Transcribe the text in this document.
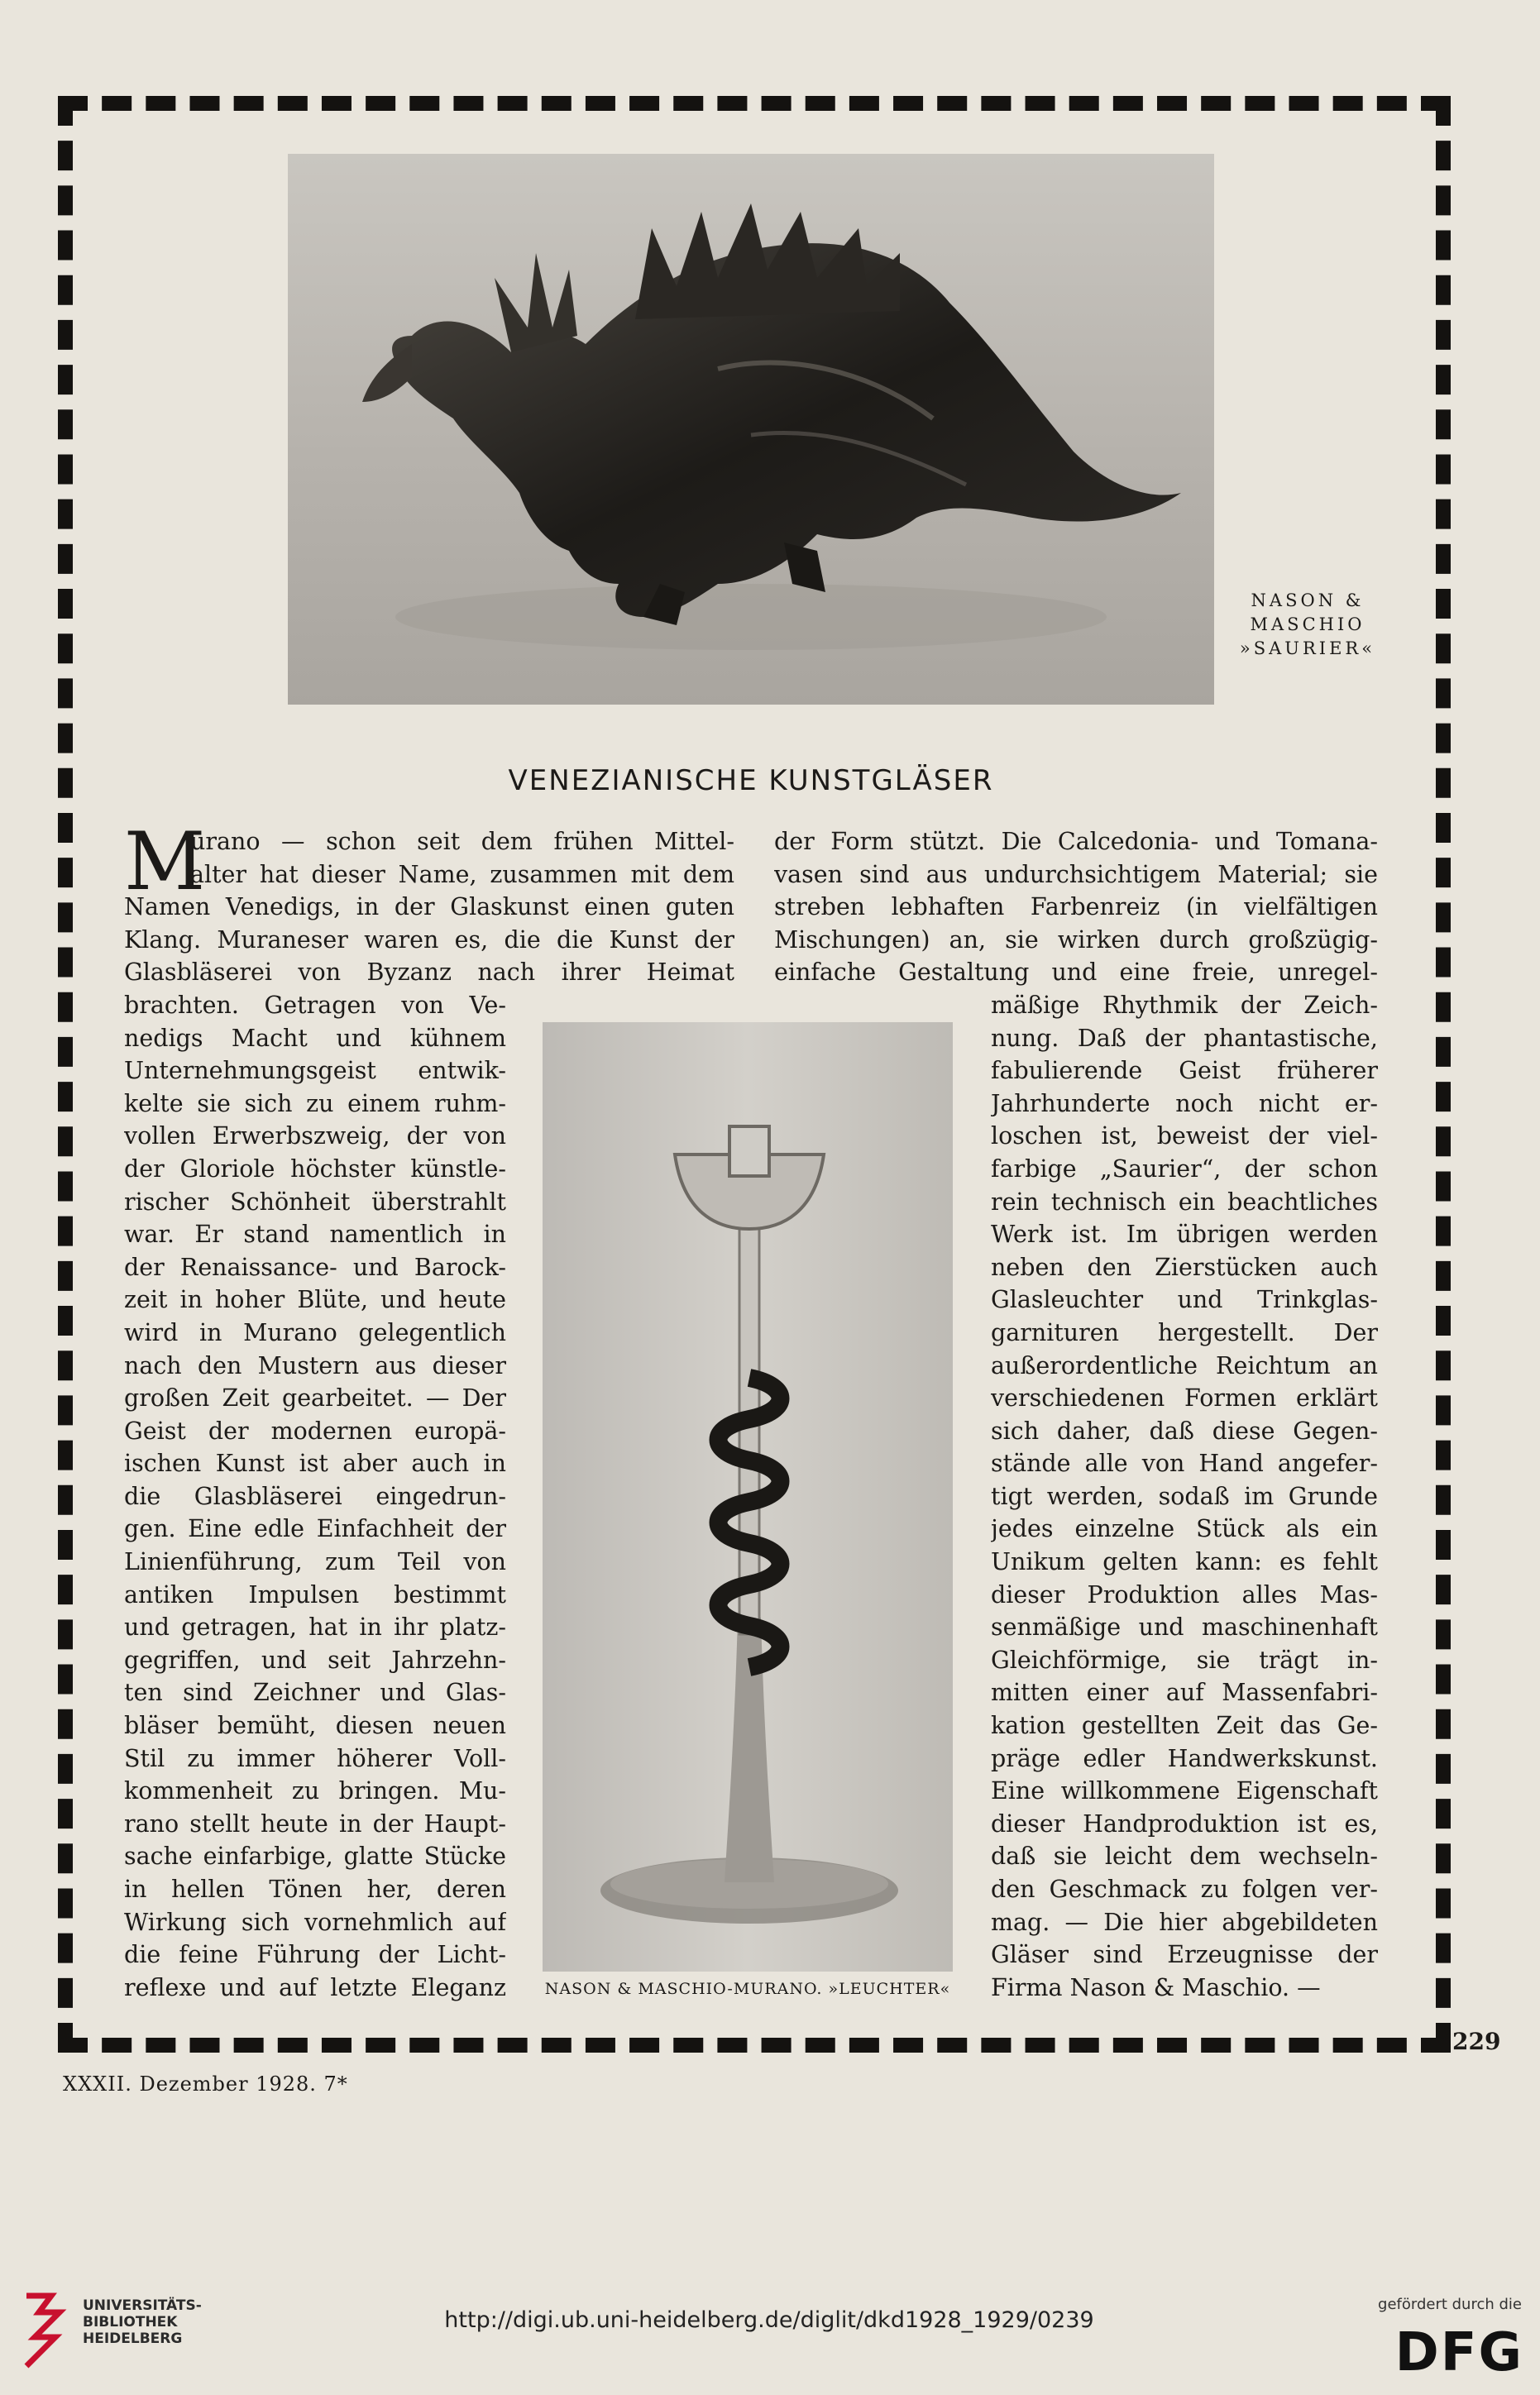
NASON &
MASCHIO
»SAURIER«
VENEZIANISCHE KUNSTGLÄSER
M
urano — schon seit dem frühen Mittel-
alter hat dieser Name, zusammen mit dem
Namen Venedigs, in der Glaskunst einen guten
Klang. Muraneser waren es, die die Kunst der
Glasbläserei von Byzanz nach ihrer Heimat
brachten. Getragen von Ve-
nedigs Macht und kühnem
Unternehmungsgeist entwik-
kelte sie sich zu einem ruhm-
vollen Erwerbszweig, der von
der Gloriole höchster künstle-
rischer Schönheit überstrahlt
war. Er stand namentlich in
der Renaissance- und Barock-
zeit in hoher Blüte, und heute
wird in Murano gelegentlich
nach den Mustern aus dieser
großen Zeit gearbeitet. — Der
Geist der modernen europä-
ischen Kunst ist aber auch in
die Glasbläserei eingedrun-
gen. Eine edle Einfachheit der
Linienführung, zum Teil von
antiken Impulsen bestimmt
und getragen, hat in ihr platz-
gegriffen, und seit Jahrzehn-
ten sind Zeichner und Glas-
bläser bemüht, diesen neuen
Stil zu immer höherer Voll-
kommenheit zu bringen. Mu-
rano stellt heute in der Haupt-
sache einfarbige, glatte Stücke
in hellen Tönen her, deren
Wirkung sich vornehmlich auf
die feine Führung der Licht-
reflexe und auf letzte Eleganz	NASON & MASCHIO-MURANO. »LEUCHTER«
der Form stützt. Die Calcedonia- und Tomana-
vasen sind aus undurchsichtigem Material; sie
streben lebhaften Farbenreiz (in vielfältigen
Mischungen) an, sie wirken durch großzügig-
einfache Gestaltung und eine freie, unregel-
mäßige Rhythmik der Zeich-
nung. Daß der phantastische,
fabulierende Geist früherer
Jahrhunderte noch nicht er-
loschen ist, beweist der viel-
farbige „Saurier“, der schon
rein technisch ein beachtliches
Werk ist. Im übrigen werden
neben den Zierstücken auch
Glasleuchter und Trinkglas-
garnituren hergestellt. Der
außerordentliche Reichtum an
verschiedenen Formen erklärt
sich daher, daß diese Gegen-
stände alle von Hand angefer-
tigt werden, sodaß im Grunde
jedes einzelne Stück als ein
Unikum gelten kann: es fehlt
dieser Produktion alles Mas-
senmäßige und maschinenhaft
Gleichförmige, sie trägt in-
mitten einer auf Massenfabri-
kation gestellten Zeit das Ge-
präge edler Handwerkskunst.
Eine willkommene Eigenschaft
dieser Handproduktion ist es,
daß sie leicht dem wechseln-
den Geschmack zu folgen ver-
mag. — Die hier abgebildeten
Gläser sind Erzeugnisse der
Firma Nason & Maschio. —
229
XXXII. Dezember 1928. 7*
UNIVERSITÄTS-
BIBLIOTHEK
HEIDELBERG
http://digi.ub.uni-heidelberg.de/diglit/dkd1928_1929/0239
gefördert durch die
DFG
